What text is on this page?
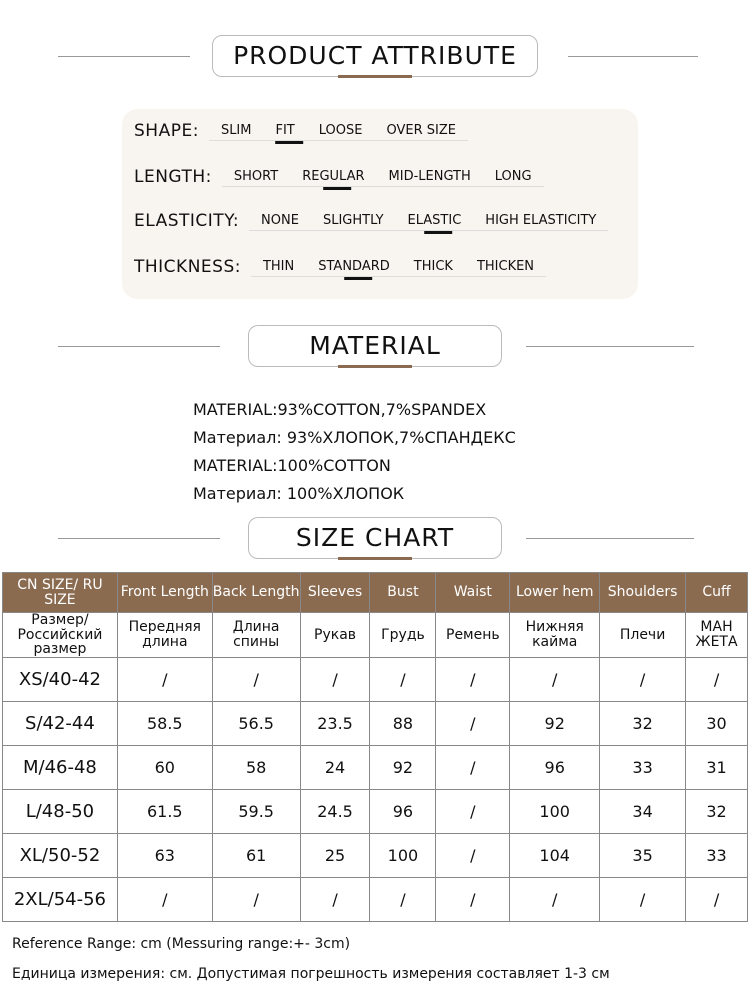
PRODUCT ATTRIBUTE
SHAPE: SLIM FIT LOOSE OVER SIZE
LENGTH: SHORT REGULAR MID-LENGTH LONG
ELASTICITY: NONE SLIGHTLY ELASTIC HIGH ELASTICITY
THICKNESS: THIN STANDARD THICK THICKEN
MATERIAL
MATERIAL:93%COTTON,7%SPANDEX
Материал: 93%ХЛОПОК,7%СПАНДЕКС
MATERIAL:100%COTTON
Материал: 100%ХЛОПОК
SIZE CHART
CN SIZE/ RU SIZE	Front Length	Back Length	Sleeves	Bust	Waist	Lower hem	Shoulders	Cuff
Размер/ Российский размер	Передняя длина	Длина спины	Рукав	Грудь	Ремень	Нижняя кайма	Плечи	МАН ЖЕТА
XS/40-42	/	/	/	/	/	/	/	/
S/42-44	58.5	56.5	23.5	88	/	92	32	30
M/46-48	60	58	24	92	/	96	33	31
L/48-50	61.5	59.5	24.5	96	/	100	34	32
XL/50-52	63	61	25	100	/	104	35	33
2XL/54-56	/	/	/	/	/	/	/	/
Reference Range: cm (Messuring range:+- 3cm)
Единица измерения: см. Допустимая погрешность измерения составляет 1-3 см
